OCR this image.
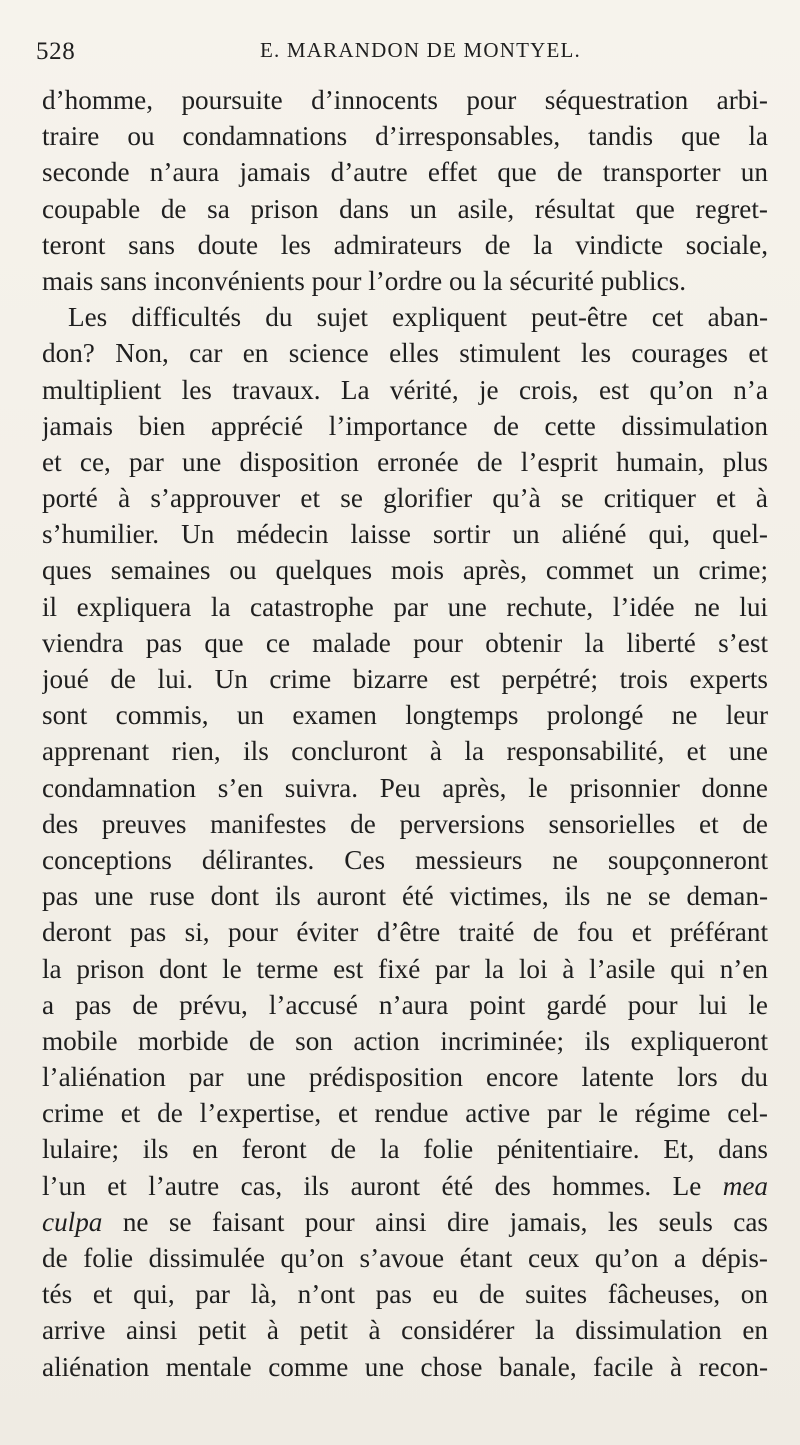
528	E. MARANDON DE MONTYEL.
d’homme, poursuite d’innocents pour séquestration arbi-
traire ou condamnations d’irresponsables, tandis que la
seconde n’aura jamais d’autre effet que de transporter un
coupable de sa prison dans un asile, résultat que regret-
teront sans doute les admirateurs de la vindicte sociale,
mais sans inconvénients pour l’ordre ou la sécurité publics.
Les difficultés du sujet expliquent peut-être cet aban-
don? Non, car en science elles stimulent les courages et
multiplient les travaux. La vérité, je crois, est qu’on n’a
jamais bien apprécié l’importance de cette dissimulation
et ce, par une disposition erronée de l’esprit humain, plus
porté à s’approuver et se glorifier qu’à se critiquer et à
s’humilier. Un médecin laisse sortir un aliéné qui, quel-
ques semaines ou quelques mois après, commet un crime;
il expliquera la catastrophe par une rechute, l’idée ne lui
viendra pas que ce malade pour obtenir la liberté s’est
joué de lui. Un crime bizarre est perpétré; trois experts
sont commis, un examen longtemps prolongé ne leur
apprenant rien, ils concluront à la responsabilité, et une
condamnation s’en suivra. Peu après, le prisonnier donne
des preuves manifestes de perversions sensorielles et de
conceptions délirantes. Ces messieurs ne soupçonneront
pas une ruse dont ils auront été victimes, ils ne se deman-
deront pas si, pour éviter d’être traité de fou et préférant
la prison dont le terme est fixé par la loi à l’asile qui n’en
a pas de prévu, l’accusé n’aura point gardé pour lui le
mobile morbide de son action incriminée; ils expliqueront
l’aliénation par une prédisposition encore latente lors du
crime et de l’expertise, et rendue active par le régime cel-
lulaire; ils en feront de la folie pénitentiaire. Et, dans
l’un et l’autre cas, ils auront été des hommes. Le mea
culpa ne se faisant pour ainsi dire jamais, les seuls cas
de folie dissimulée qu’on s’avoue étant ceux qu’on a dépis-
tés et qui, par là, n’ont pas eu de suites fâcheuses, on
arrive ainsi petit à petit à considérer la dissimulation en
aliénation mentale comme une chose banale, facile à recon-
